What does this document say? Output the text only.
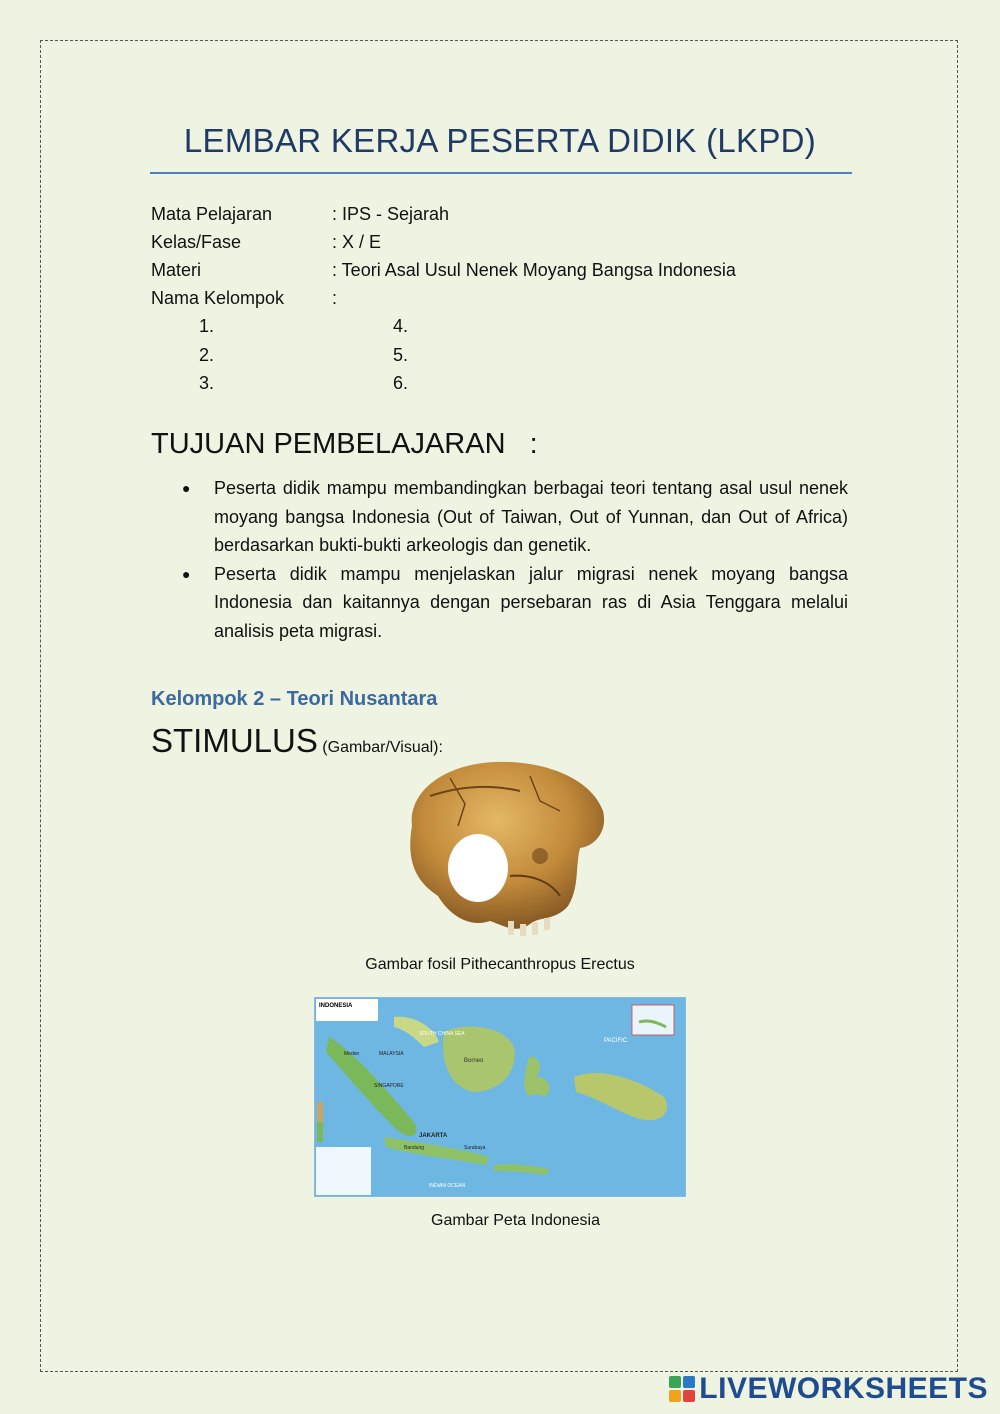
LEMBAR KERJA PESERTA DIDIK (LKPD)
Mata Pelajaran	: IPS - Sejarah
Kelas/Fase	: X / E
Materi	: Teori Asal Usul Nenek Moyang Bangsa Indonesia
Nama Kelompok	:
1.	4.
2.	5.
3.	6.
TUJUAN PEMBELAJARAN   :
●	Peserta didik mampu membandingkan berbagai teori tentang asal usul nenek moyang bangsa Indonesia (Out of Taiwan, Out of Yunnan, dan Out of Africa) berdasarkan bukti-bukti arkeologis dan genetik.
●	Peserta didik mampu menjelaskan jalur migrasi nenek moyang bangsa Indonesia dan kaitannya dengan persebaran ras di Asia Tenggara melalui analisis peta migrasi.
Kelompok 2 – Teori Nusantara
STIMULUS (Gambar/Visual):
Gambar fosil Pithecanthropus Erectus
INDONESIA
SOUTH CHINA SEA
PACIFIC
INDIAN OCEAN
JAKARTA
Borneo
MALAYSIA
SINGAPORE
Surabaya
Bandung
Medan
Gambar Peta Indonesia
LIVEWORKSHEETS
